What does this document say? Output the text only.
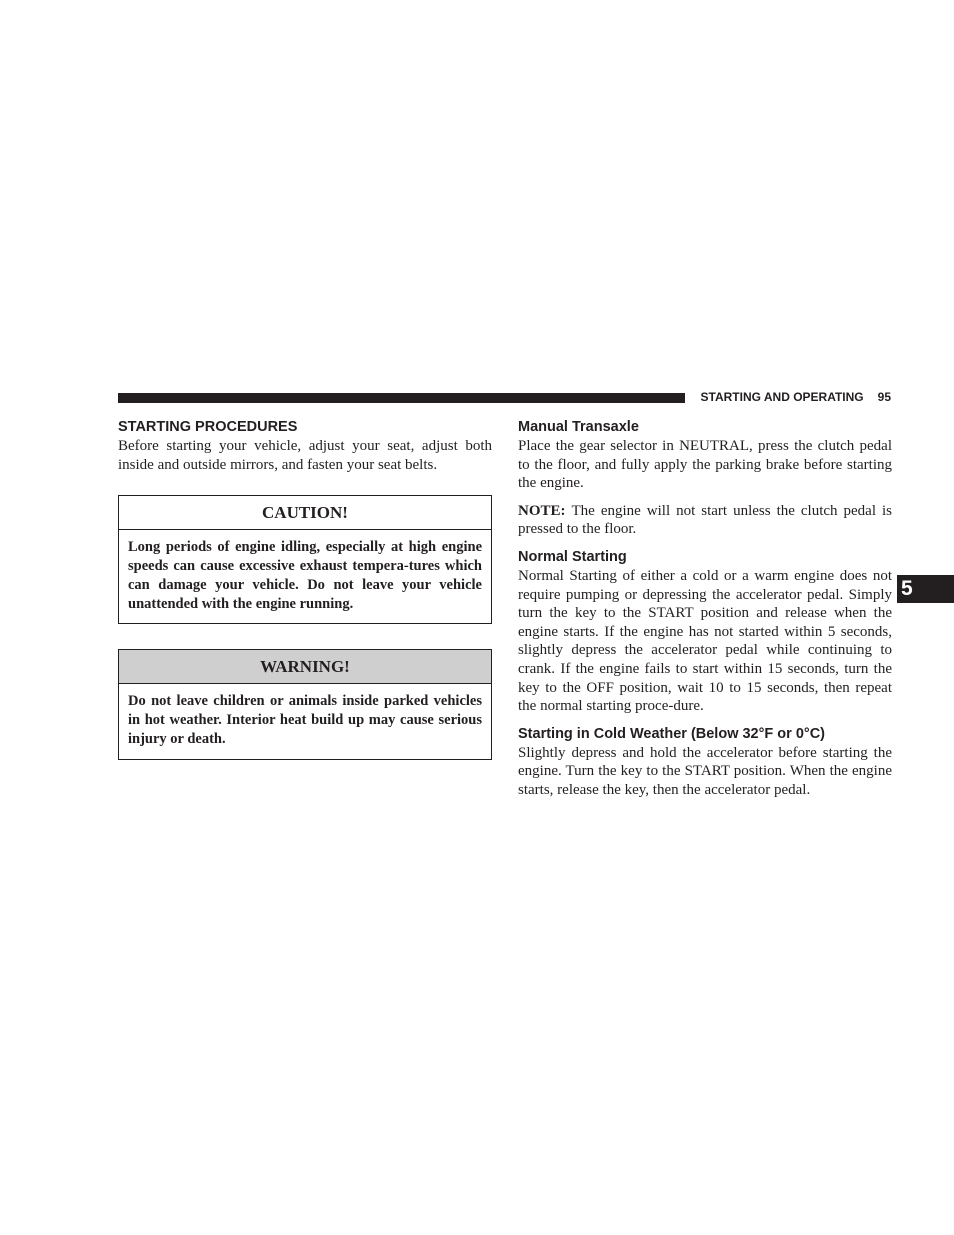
STARTING AND OPERATING 95
5
STARTING PROCEDURES

Before starting your vehicle, adjust your seat, adjust both inside and outside mirrors, and fasten your seat belts.

CAUTION!
Long periods of engine idling, especially at high engine speeds can cause excessive exhaust tempera-tures which can damage your vehicle. Do not leave your vehicle unattended with the engine running.
WARNING!
Do not leave children or animals inside parked vehicles in hot weather. Interior heat build up may cause serious injury or death.
Manual Transaxle

Place the gear selector in NEUTRAL, press the clutch pedal to the floor, and fully apply the parking brake before starting the engine.

NOTE: The engine will not start unless the clutch pedal is pressed to the floor.

Normal Starting

Normal Starting of either a cold or a warm engine does not require pumping or depressing the accelerator pedal. Simply turn the key to the START position and release when the engine starts. If the engine has not started within 5 seconds, slightly depress the accelerator pedal while continuing to crank. If the engine fails to start within 15 seconds, turn the key to the OFF position, wait 10 to 15 seconds, then repeat the normal starting proce-dure.

Starting in Cold Weather (Below 32°F or 0°C)

Slightly depress and hold the accelerator before starting the engine. Turn the key to the START position. When the engine starts, release the key, then the accelerator pedal.
